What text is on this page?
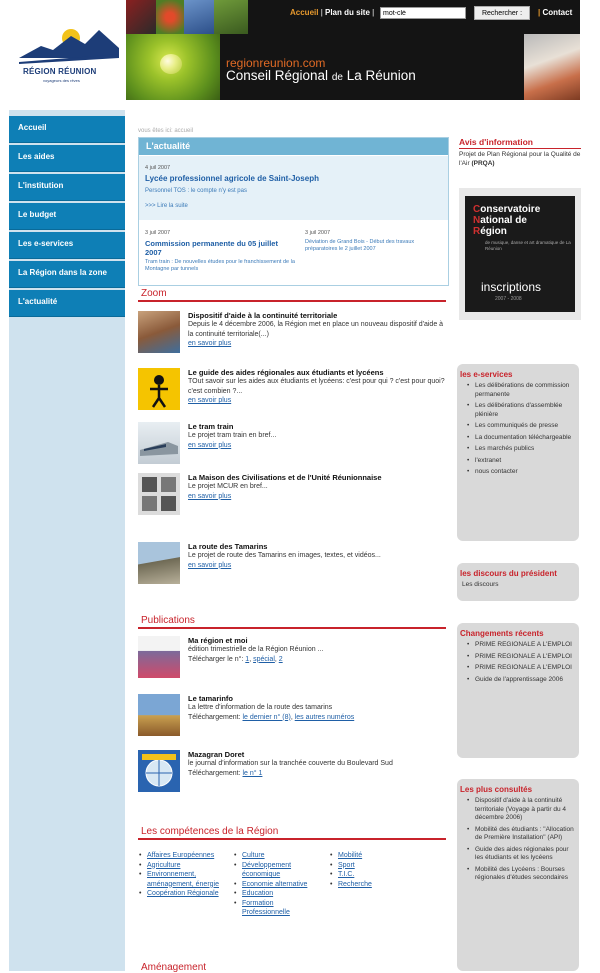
RÉGION RÉUNION
voyageurs des rêves
regionreunion.com
Conseil Régional de La Réunion
Accueil | Plan du site |
mot-clé	Rechercher :	| Contact
Accueil
Les aides
L'institution
Le budget
Les e-services
La Région dans la zone
L'actualité
vous êtes ici: accueil
L'actualité
4 juil 2007
Lycée professionnel agricole de Saint-Joseph
Personnel TOS : le compte n'y est pas
>>> Lire la suite
3 juil 2007
Commission permanente du 05 juillet 2007
Tram train : De nouvelles études pour le franchissement de la Montagne par tunnels
3 juil 2007
Déviation de Grand Bois - Début des travaux préparatoires le 2 juillet 2007
Zoom
Dispositif d'aide à la continuité territoriale
Depuis le 4 décembre 2006, la Région met en place un nouveau dispositif d'aide à la continuité territoriale(...)
en savoir plus
Le guide des aides régionales aux étudiants et lycéens
TOut savoir sur les aides aux étudiants et lycéens: c'est pour qui ? c'est pour quoi? c'est combien ?...
en savoir plus
Le tram train
Le projet tram train en bref...
en savoir plus
La Maison des Civilisations et de l'Unité Réunionnaise
Le projet MCUR en bref...
en savoir plus
La route des Tamarins
Le projet de route des Tamarins en images, textes, et vidéos...
en savoir plus
Publications
Ma région et moi
édition trimestrielle de la Région Réunion ...
Télécharger le n°: 1, spécial, 2
Le tamarinfo
La lettre d'information de la route des tamarins
Téléchargement: le dernier n° (8), les autres numéros
Mazagran Doret
le journal d'information sur la tranchée couverte du Boulevard Sud
Téléchargement: le n° 1
Les compétences de la Région
• Affaires Européennes
• Agriculture
• Environnement, aménagement, énergie
• Coopération Régionale
• Culture
• Développement économique
• Economie alternative
• Education
• Formation Professionnelle
• Mobilité
• Sport
• T.I.C.
• Recherche
Aménagement
Avis d'information
Projet de Plan Régional pour la Qualité de l'Air (PRQA)
Conservatoire
National de
Région
de musique, danse et art dramatique de La Réunion
inscriptions
2007 - 2008
les e-services
• Les délibérations de commission permanente
• Les délibérations d'assemblée plénière
• Les communiqués de presse
• La documentation téléchargeable
• Les marchés publics
• l'extranet
• nous contacter
les discours du président
Les discours
Changements récents
• PRIME REGIONALE A L'EMPLOI
• PRIME REGIONALE A L'EMPLOI
• PRIME REGIONALE A L'EMPLOI
• Guide de l'apprentissage 2006
Les plus consultés
• Dispositif d'aide à la continuité territoriale (Voyage à partir du 4 décembre 2006)
• Mobilité des étudiants : "Allocation de Première Installation" (API)
• Guide des aides régionales pour les étudiants et les lycéens
• Mobilité des Lycéens : Bourses régionales d'études secondaires
